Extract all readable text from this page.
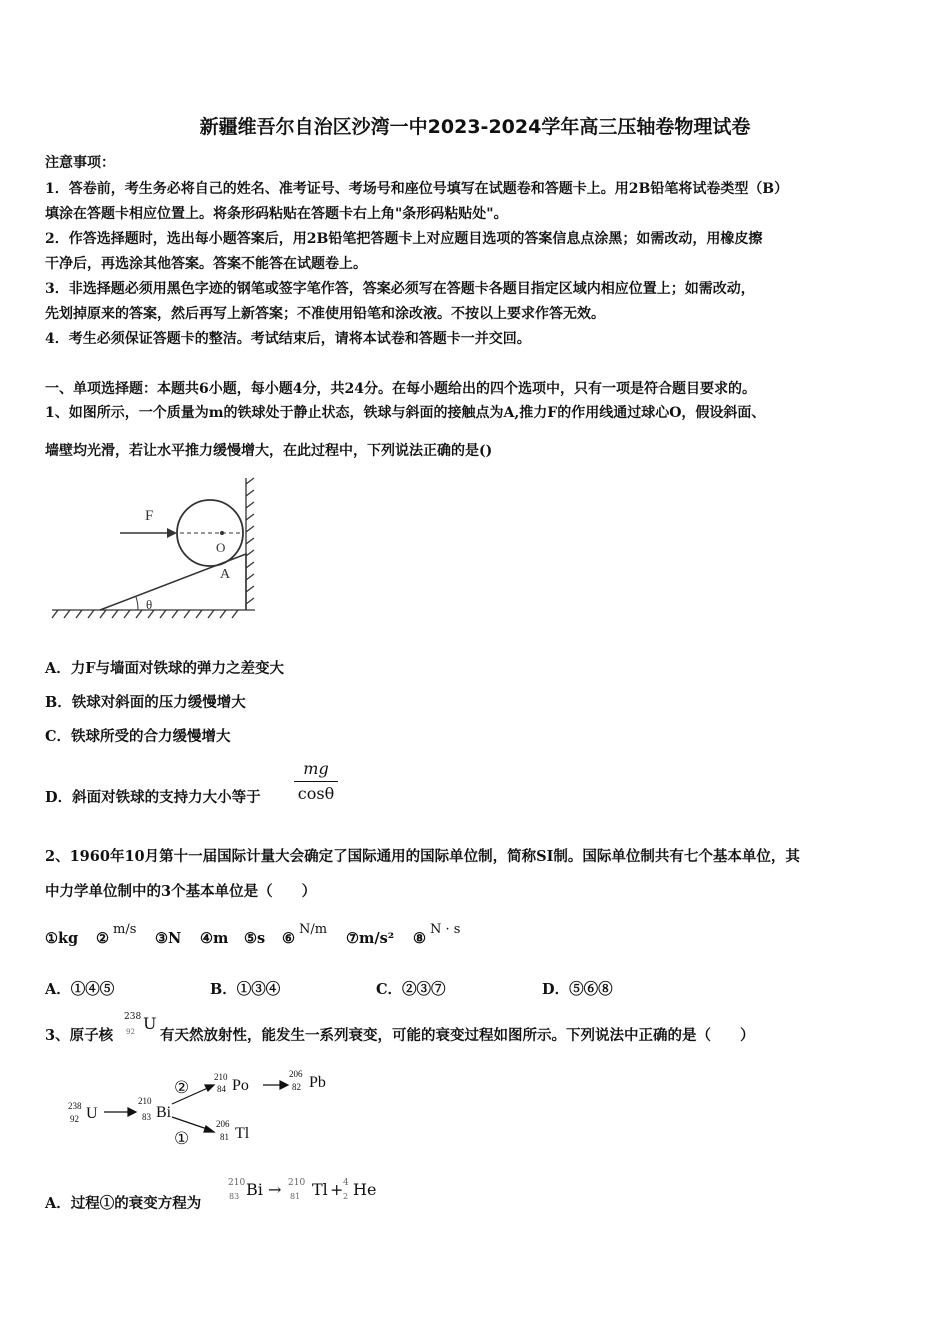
新疆维吾尔自治区沙湾一中2023-2024学年高三压轴卷物理试卷
注意事项：
1．答卷前，考生务必将自己的姓名、准考证号、考场号和座位号填写在试题卷和答题卡上。用2B铅笔将试卷类型（B）
填涂在答题卡相应位置上。将条形码粘贴在答题卡右上角"条形码粘贴处"。
2．作答选择题时，选出每小题答案后，用2B铅笔把答题卡上对应题目选项的答案信息点涂黑；如需改动，用橡皮擦
干净后，再选涂其他答案。答案不能答在试题卷上。
3．非选择题必须用黑色字迹的钢笔或签字笔作答，答案必须写在答题卡各题目指定区域内相应位置上；如需改动，
先划掉原来的答案，然后再写上新答案；不准使用铅笔和涂改液。不按以上要求作答无效。
4．考生必须保证答题卡的整洁。考试结束后，请将本试卷和答题卡一并交回。
一、单项选择题：本题共6小题，每小题4分，共24分。在每小题给出的四个选项中，只有一项是符合题目要求的。
1、如图所示，一个质量为m的铁球处于静止状态，铁球与斜面的接触点为A,推力F的作用线通过球心O，假设斜面、
墙壁均光滑，若让水平推力缓慢增大，在此过程中，下列说法正确的是()
F
O
A
θ
A．力F与墙面对铁球的弹力之差变大
B．铁球对斜面的压力缓慢增大
C．铁球所受的合力缓慢增大
D．斜面对铁球的支持力大小等于
mg
cosθ
2、1960年10月第十一届国际计量大会确定了国际通用的国际单位制，简称SI制。国际单位制共有七个基本单位，其
中力学单位制中的3个基本单位是（　　）
①kg ②
m/s
③N ④m ⑤s ⑥
N/m
⑦m/s² ⑧
N · s
A．①④⑤	B．①③④	C．②③⑦	D．⑤⑥⑧
3、原子核
238
92 U
有天然放射性，能发生一系列衰变，可能的衰变过程如图所示。下列说法中正确的是（　　）
238
92 U
210
83 Bi
210
84 Po
206
82 Pb
206
81 Tl
②
①
A．过程①的衰变方程为
210
83 Bi → 210
81 Tl + 4
2 He
